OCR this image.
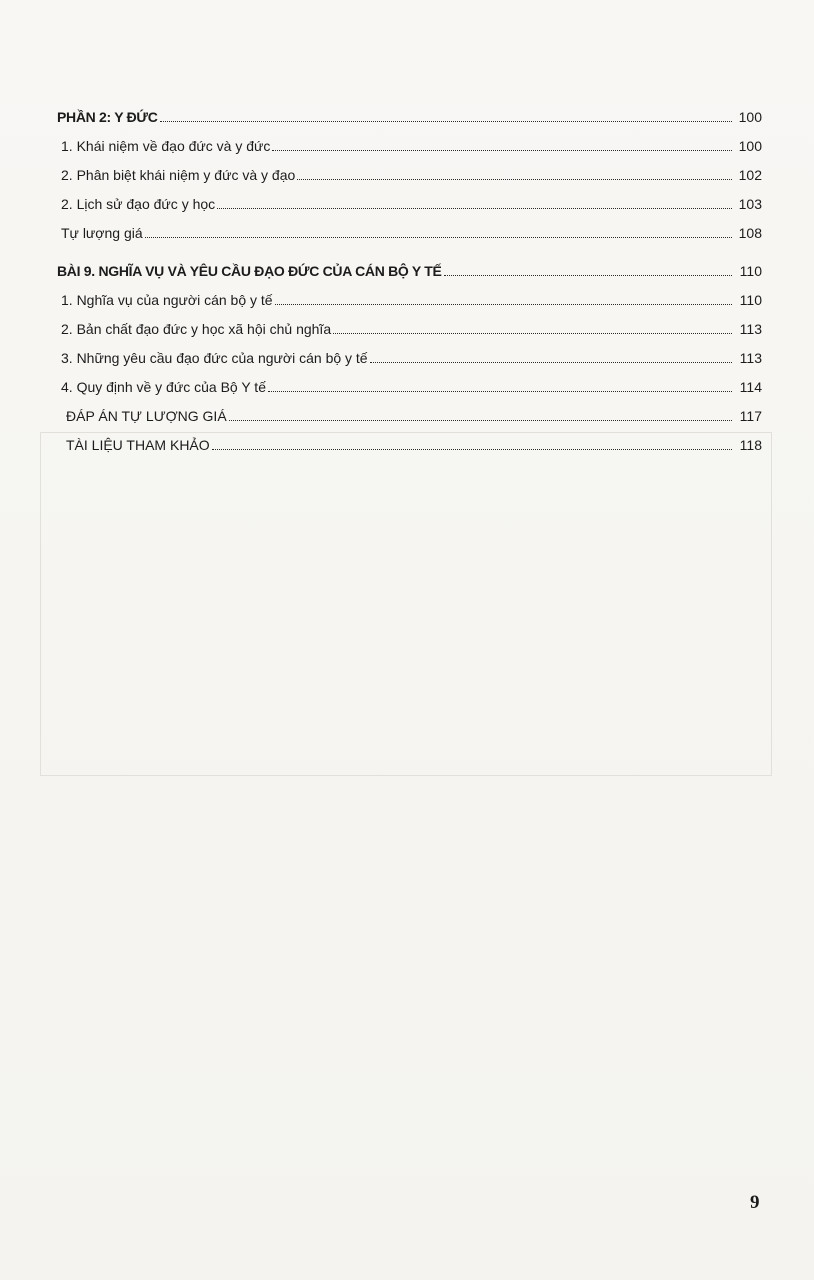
PHẦN 2: Y ĐỨC	100
1. Khái niệm về đạo đức và y đức	100
2. Phân biệt khái niệm y đức và y đạo	102
2. Lịch sử đạo đức y học	103
Tự lượng giá	108
BÀI 9. NGHĨA VỤ VÀ YÊU CẦU ĐẠO ĐỨC CỦA CÁN BỘ Y TẾ	110
1. Nghĩa vụ của người cán bộ y tế	110
2. Bản chất đạo đức y học xã hội chủ nghĩa	113
3. Những yêu cầu đạo đức của người cán bộ y tế	113
4. Quy định về y đức của Bộ Y tế	114
ĐÁP ÁN TỰ LƯỢNG GIÁ	117
TÀI LIỆU THAM KHẢO	118
9
